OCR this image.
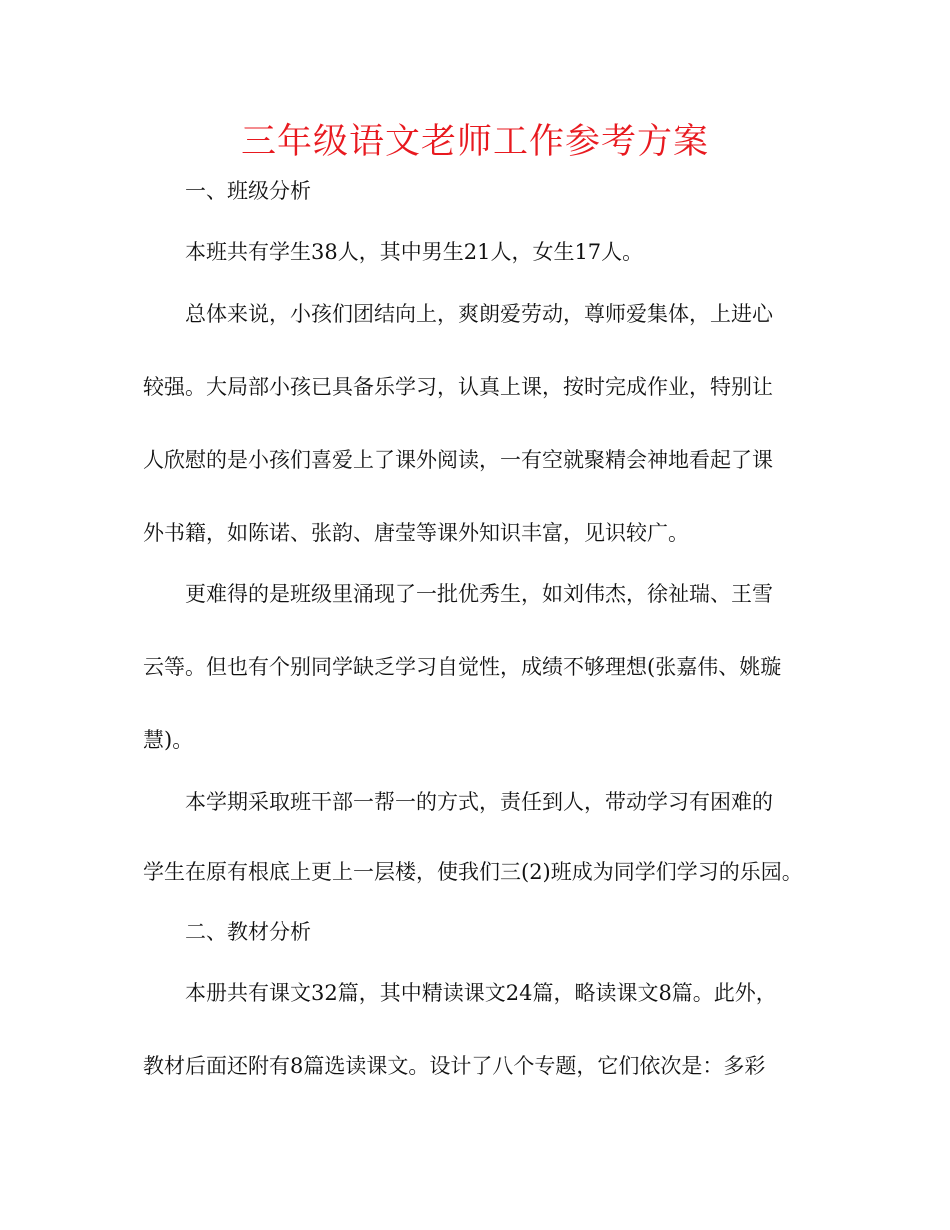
三年级语文老师工作参考方案
一、班级分析
本班共有学生38人，其中男生21人，女生17人。
总体来说，小孩们团结向上，爽朗爱劳动，尊师爱集体，上进心
较强。大局部小孩已具备乐学习，认真上课，按时完成作业，特别让
人欣慰的是小孩们喜爱上了课外阅读，一有空就聚精会神地看起了课
外书籍，如陈诺、张韵、唐莹等课外知识丰富，见识较广。
更难得的是班级里涌现了一批优秀生，如刘伟杰，徐祉瑞、王雪
云等。但也有个别同学缺乏学习自觉性，成绩不够理想(张嘉伟、姚璇
慧)。
本学期采取班干部一帮一的方式，责任到人，带动学习有困难的
学生在原有根底上更上一层楼，使我们三(2)班成为同学们学习的乐园。
二、教材分析
本册共有课文32篇，其中精读课文24篇，略读课文8篇。此外，
教材后面还附有8篇选读课文。设计了八个专题，它们依次是：多彩
